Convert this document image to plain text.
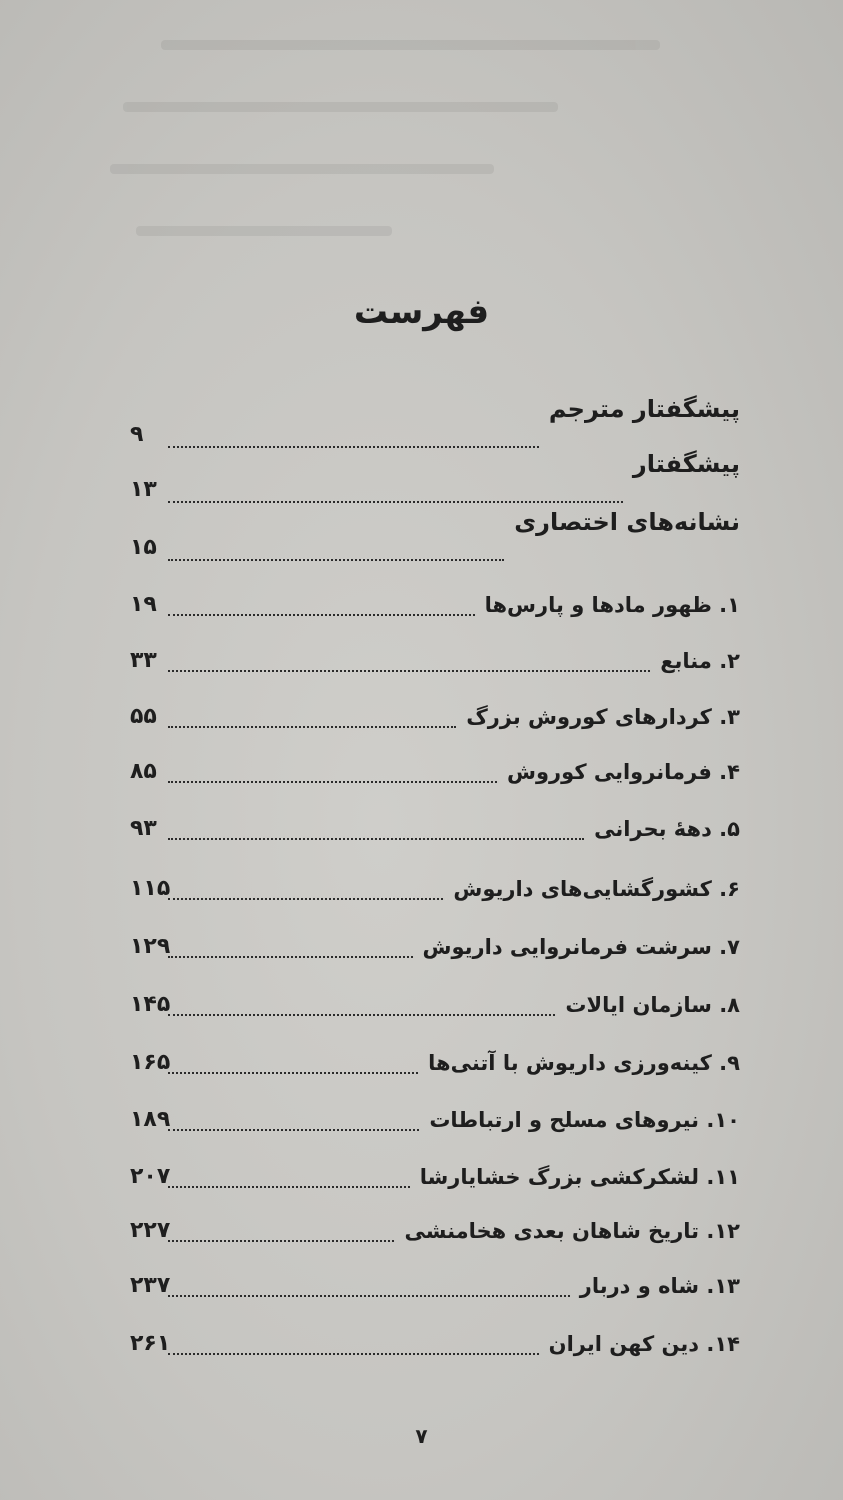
فهرست
پیشگفتار مترجم
۹
پیشگفتار
۱۳
نشانه‌های اختصاری
۱۵
۱. ظهور مادها و پارس‌ها
۱۹
۲. منابع
۳۳
۳. کردارهای کوروش بزرگ
۵۵
۴. فرمانروایی کوروش
۸۵
۵. دههٔ بحرانی
۹۳
۶. کشورگشایی‌های داریوش
۱۱۵
۷. سرشت فرمانروایی داریوش
۱۲۹
۸. سازمان ایالات
۱۴۵
۹. کینه‌ورزی داریوش با آتنی‌ها
۱۶۵
۱۰. نیروهای مسلح و ارتباطات
۱۸۹
۱۱. لشکرکشی بزرگ خشایارشا
۲۰۷
۱۲. تاریخ شاهان بعدی هخامنشی
۲۲۷
۱۳. شاه و دربار
۲۳۷
۱۴. دین کهن ایران
۲۶۱
۷
